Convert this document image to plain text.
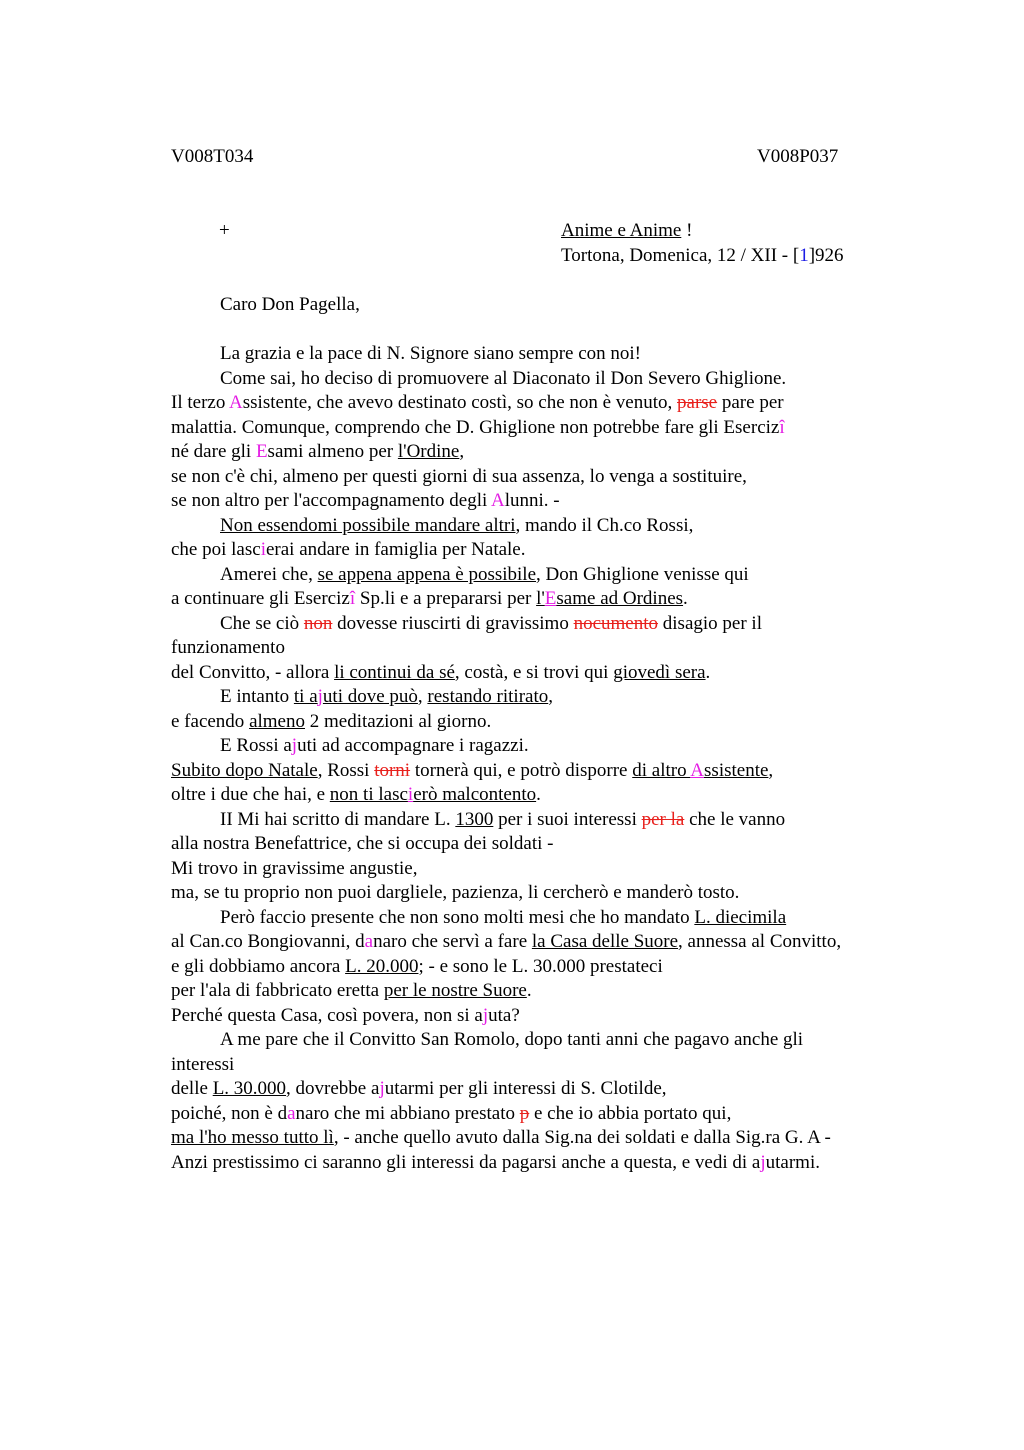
V008T034	V008P037
+	Anime e Anime !
Tortona, Domenica, 12 / XII - [1]926
Caro Don Pagella,
La grazia e la pace di N. Signore siano sempre con noi!
Come sai, ho deciso di promuovere al Diaconato il Don Severo Ghiglione.
Il terzo Assistente, che avevo destinato costì, so che non è venuto, parse pare per
malattia. Comunque, comprendo che D. Ghiglione non potrebbe fare gli Esercizî
né dare gli Esami almeno per l'Ordine,
se non c'è chi, almeno per questi giorni di sua assenza, lo venga a sostituire,
se non altro per l'accompagnamento degli Alunni. -
Non essendomi possibile mandare altri, mando il Ch.co Rossi,
che poi lascierai andare in famiglia per Natale.
Amerei che, se appena appena è possibile, Don Ghiglione venisse qui
a continuare gli Esercizî Sp.li e a prepararsi per l'Esame ad Ordines.
Che se ciò non dovesse riuscirti di gravissimo nocumento disagio per il
funzionamento
del Convitto, - allora li continui da sé, costà, e si trovi qui giovedì sera.
E intanto ti ajuti dove può, restando ritirato,
e facendo almeno 2 meditazioni al giorno.
E Rossi ajuti ad accompagnare i ragazzi.
Subito dopo Natale, Rossi torni tornerà qui, e potrò disporre di altro Assistente,
oltre i due che hai, e non ti lascierò malcontento.
II Mi hai scritto di mandare L. 1300 per i suoi interessi per la che le vanno
alla nostra Benefattrice, che si occupa dei soldati -
Mi trovo in gravissime angustie,
ma, se tu proprio non puoi dargliele, pazienza, li cercherò e manderò tosto.
Però faccio presente che non sono molti mesi che ho mandato L. diecimila
al Can.co Bongiovanni, danaro che servì a fare la Casa delle Suore, annessa al Convitto,
e gli dobbiamo ancora L. 20.000; - e sono le L. 30.000 prestateci
per l'ala di fabbricato eretta per le nostre Suore.
Perché questa Casa, così povera, non si ajuta?
A me pare che il Convitto San Romolo, dopo tanti anni che pagavo anche gli
interessi
delle L. 30.000, dovrebbe ajutarmi per gli interessi di S. Clotilde,
poiché, non è danaro che mi abbiano prestato p e che io abbia portato qui,
ma l'ho messo tutto lì, - anche quello avuto dalla Sig.na dei soldati e dalla Sig.ra G. A -
Anzi prestissimo ci saranno gli interessi da pagarsi anche a questa, e vedi di ajutarmi.
